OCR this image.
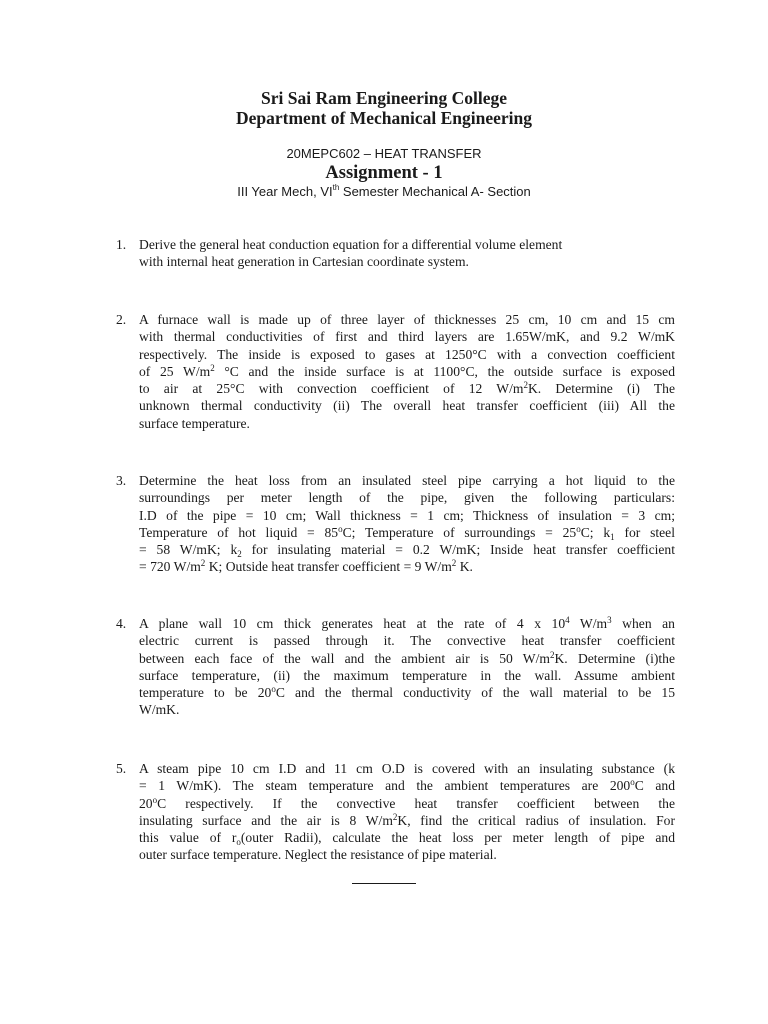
Sri Sai Ram Engineering College
Department of Mechanical Engineering
20MEPC602 – HEAT TRANSFER
Assignment - 1
III Year Mech, VIth Semester Mechanical A- Section
1. Derive the general heat conduction equation for a differential volume element
with internal heat generation in Cartesian coordinate system.
2. A furnace wall is made up of three layer of thicknesses 25 cm, 10 cm and 15 cm
with thermal conductivities of first and third layers are 1.65W/mK, and 9.2 W/mK
respectively. The inside is exposed to gases at 1250°C with a convection coefficient
of 25 $W/m^2$ °C and the inside surface is at 1100°C, the outside surface is exposed
to air at 25°C with convection coefficient of 12 $W/m^2K$. Determine (i) The
unknown thermal conductivity (ii) The overall heat transfer coefficient (iii) All the
surface temperature.
3. Determine the heat loss from an insulated steel pipe carrying a hot liquid to the
surroundings per meter length of the pipe, given the following particulars:
I.D of the pipe = 10 cm; Wall thickness = 1 cm; Thickness of insulation = 3 cm;
Temperature of hot liquid = $85^oC$; Temperature of surroundings = $25^oC$; $k_1$ for steel
= 58 W/mK; $k_2$ for insulating material = 0.2 W/mK; Inside heat transfer coefficient
= 720 $W/m^2$ K; Outside heat transfer coefficient = 9 $W/m^2$ K.
4. A plane wall 10 cm thick generates heat at the rate of 4 x $10^4$ $W/m^3$ when an
electric current is passed through it. The convective heat transfer coefficient
between each face of the wall and the ambient air is 50 $W/m^2K$. Determine (i)the
surface temperature, (ii) the maximum temperature in the wall. Assume ambient
temperature to be 20$^o$C and the thermal conductivity of the wall material to be 15
W/mK.
5. A steam pipe 10 cm I.D and 11 cm O.D is covered with an insulating substance (k
= 1 W/mK). The steam temperature and the ambient temperatures are 200$^o$C and
20$^o$C respectively. If the convective heat transfer coefficient between the
insulating surface and the air is 8 $W/m^2K$, find the critical radius of insulation. For
this value of $r_o(outer$ Radii), calculate the heat loss per meter length of pipe and
outer surface temperature. Neglect the resistance of pipe material.
